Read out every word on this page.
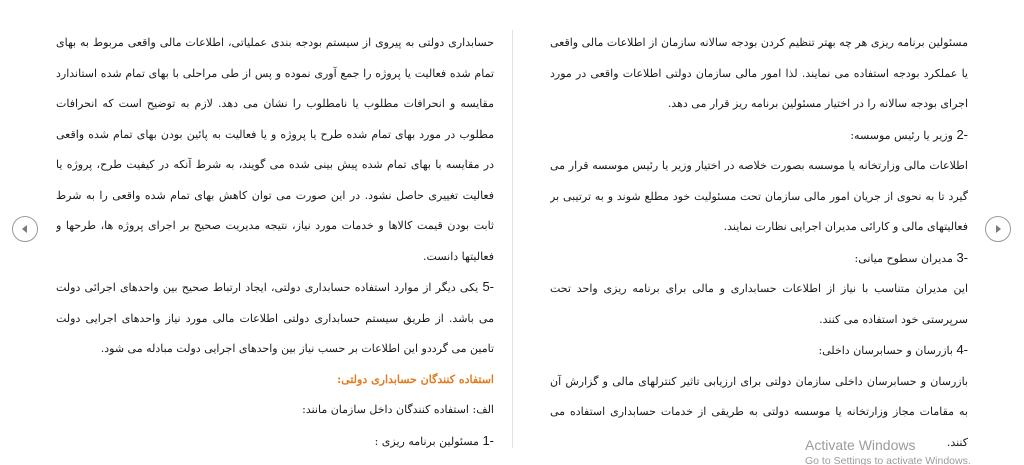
مسئولین برنامه ریزی هر چه بهتر تنظیم کردن بودجه سالانه سازمان از اطلاعات مالی واقعی یا عملکرد بودجه استفاده می نمایند. لذا امور مالی سازمان دولتی اطلاعات واقعی در مورد اجرای بودجه سالانه را در اختیار مسئولین برنامه ریز قرار می دهد.

2- وزیر یا رئیس موسسه:

اطلاعات مالی وزارتخانه یا موسسه بصورت خلاصه در اختیار وزیر یا رئیس موسسه قرار می گیرد تا به نحوی از جریان امور مالی سازمان تحت مسئولیت خود مطلع شوند و به ترتیبی بر فعالیتهای مالی و کارائی مدیران اجرایی نظارت نمایند.

3- مدیران سطوح میانی:

این مدیران متناسب با نیاز از اطلاعات حسابداری و مالی برای برنامه ریزی واحد تحت سرپرستی خود استفاده می کنند.

4- بازرسان و حسابرسان داخلی:

بازرسان و حسابرسان داخلی سازمان دولتی برای ارزیابی تاثیر کنترلهای مالی و گزارش آن به مقامات مجاز وزارتخانه یا موسسه دولتی به طریقی از خدمات حسابداری استفاده می کنند.

حسابداری دولتی به پیروی از سیستم بودجه بندی عملیاتی، اطلاعات مالی واقعی مربوط به بهای تمام شده فعالیت یا پروژه را جمع آوری نموده و پس از طی مراحلی با بهای تمام شده استاندارد مقایسه و انحرافات مطلوب یا نامطلوب را نشان می دهد. لازم به توضیح است که انحرافات مطلوب در مورد بهای تمام شده طرح یا پروژه و یا فعالیت به پائین بودن بهای تمام شده واقعی در مقایسه با بهای تمام شده پیش بینی شده می گویند، به شرط آنکه در کیفیت طرح، پروژه یا فعالیت تغییری حاصل نشود. در این صورت می توان کاهش بهای تمام شده واقعی را به شرط ثابت بودن قیمت کالاها و خدمات مورد نیاز، نتیجه مدیریت صحیح بر اجرای پروژه ها، طرحها و فعالیتها دانست.

5- یکی دیگر از موارد استفاده حسابداری دولتی، ایجاد ارتباط صحیح بین واحدهای اجرائی دولت می باشد. از طریق سیستم حسابداری دولتی اطلاعات مالی مورد نیاز واحدهای اجرایی دولت تامین می گرددو این اطلاعات بر حسب نیاز بین واحدهای اجرایی دولت مبادله می شود.

استفاده کنندگان حسابداری دولتی:

الف: استفاده کنندگان داخل سازمان مانند:

1- مسئولین برنامه ریزی :	Activate Windows
Go to Settings to activate Windows.
